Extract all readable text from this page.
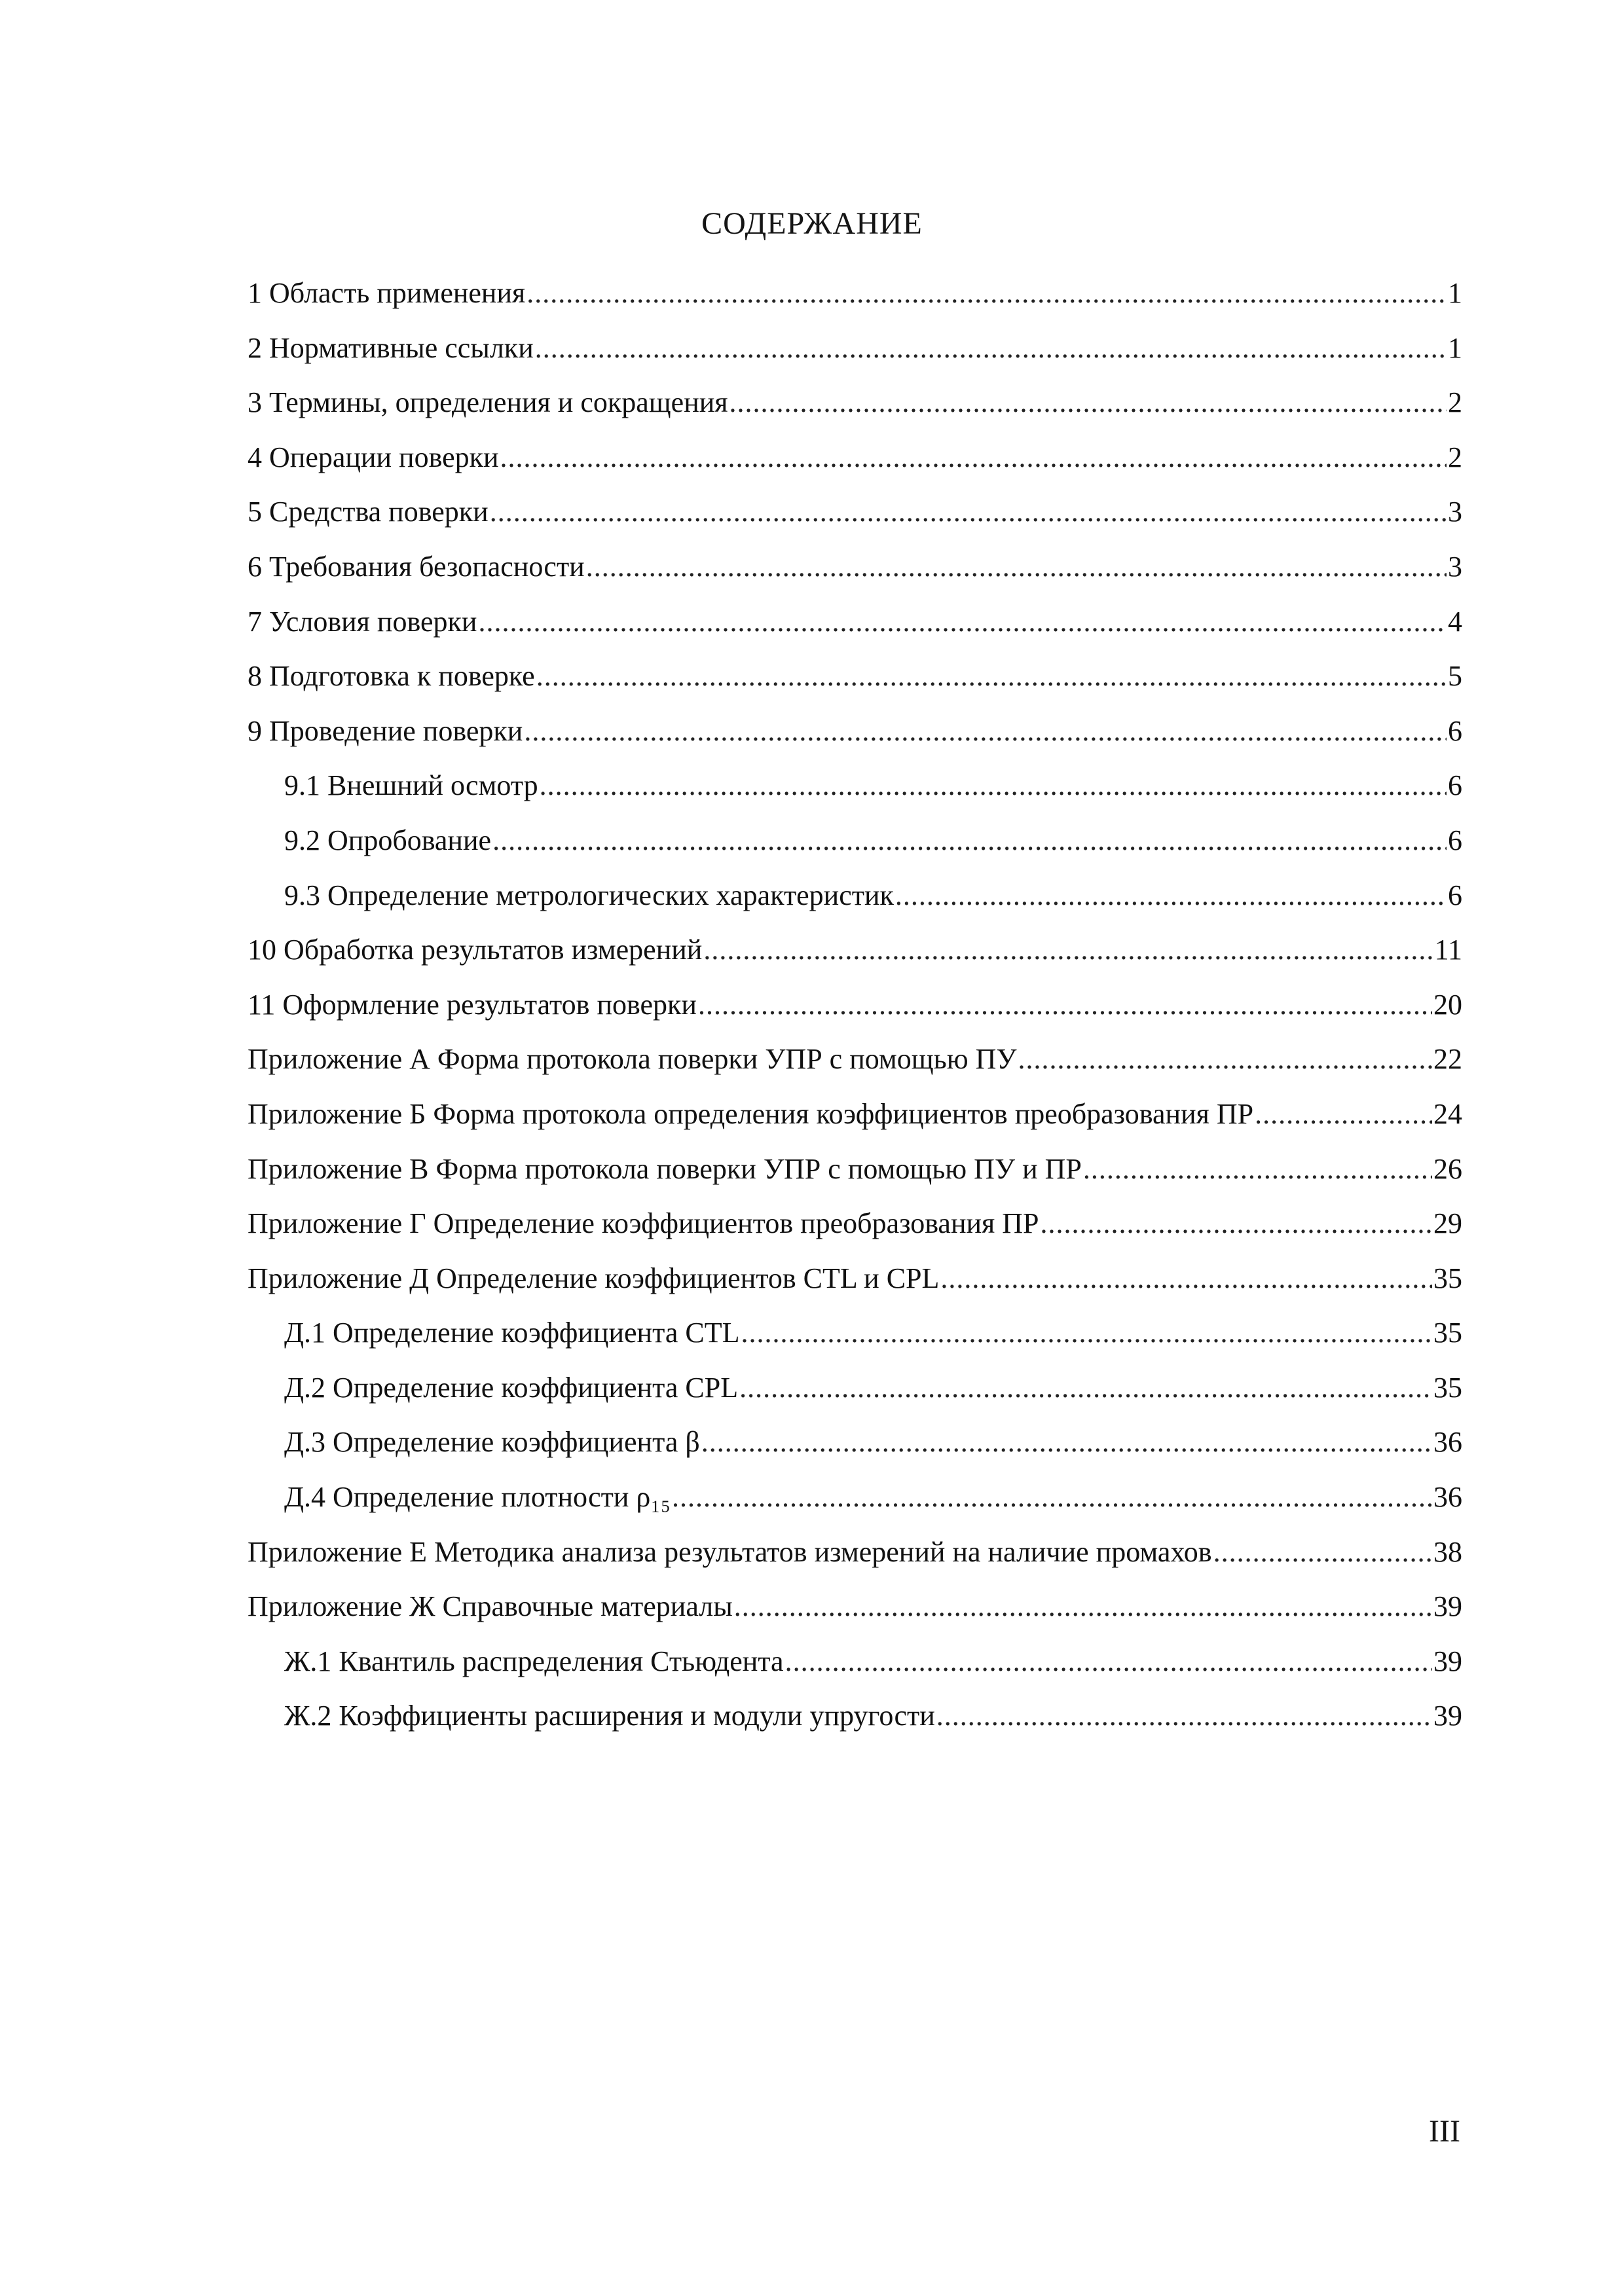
СОДЕРЖАНИЕ
1 Область применения .....	1
2 Нормативные ссылки .....	1
3 Термины, определения и сокращения .....	2
4 Операции поверки .....	2
5 Средства поверки .....	3
6 Требования безопасности .....	3
7 Условия поверки .....	4
8 Подготовка к поверке .....	5
9 Проведение поверки .....	6
9.1 Внешний осмотр .....	6
9.2 Опробование .....	6
9.3 Определение метрологических характеристик .....	6
10 Обработка результатов измерений .....	11
11 Оформление результатов поверки .....	20
Приложение А Форма протокола поверки УПР с помощью ПУ .....	22
Приложение Б Форма протокола определения коэффициентов преобразования ПР .....	24
Приложение В Форма протокола поверки УПР с помощью ПУ и ПР .....	26
Приложение Г Определение коэффициентов преобразования ПР .....	29
Приложение Д Определение коэффициентов CTL и CPL .....	35
Д.1 Определение коэффициента CTL .....	35
Д.2 Определение коэффициента CPL .....	35
Д.3 Определение коэффициента β .....	36
Д.4 Определение плотности ρ₁₅ .....	36
Приложение Е Методика анализа результатов измерений на наличие промахов .....	38
Приложение Ж Справочные материалы .....	39
Ж.1 Квантиль распределения Стьюдента .....	39
Ж.2 Коэффициенты расширения и модули упругости .....	39
III
